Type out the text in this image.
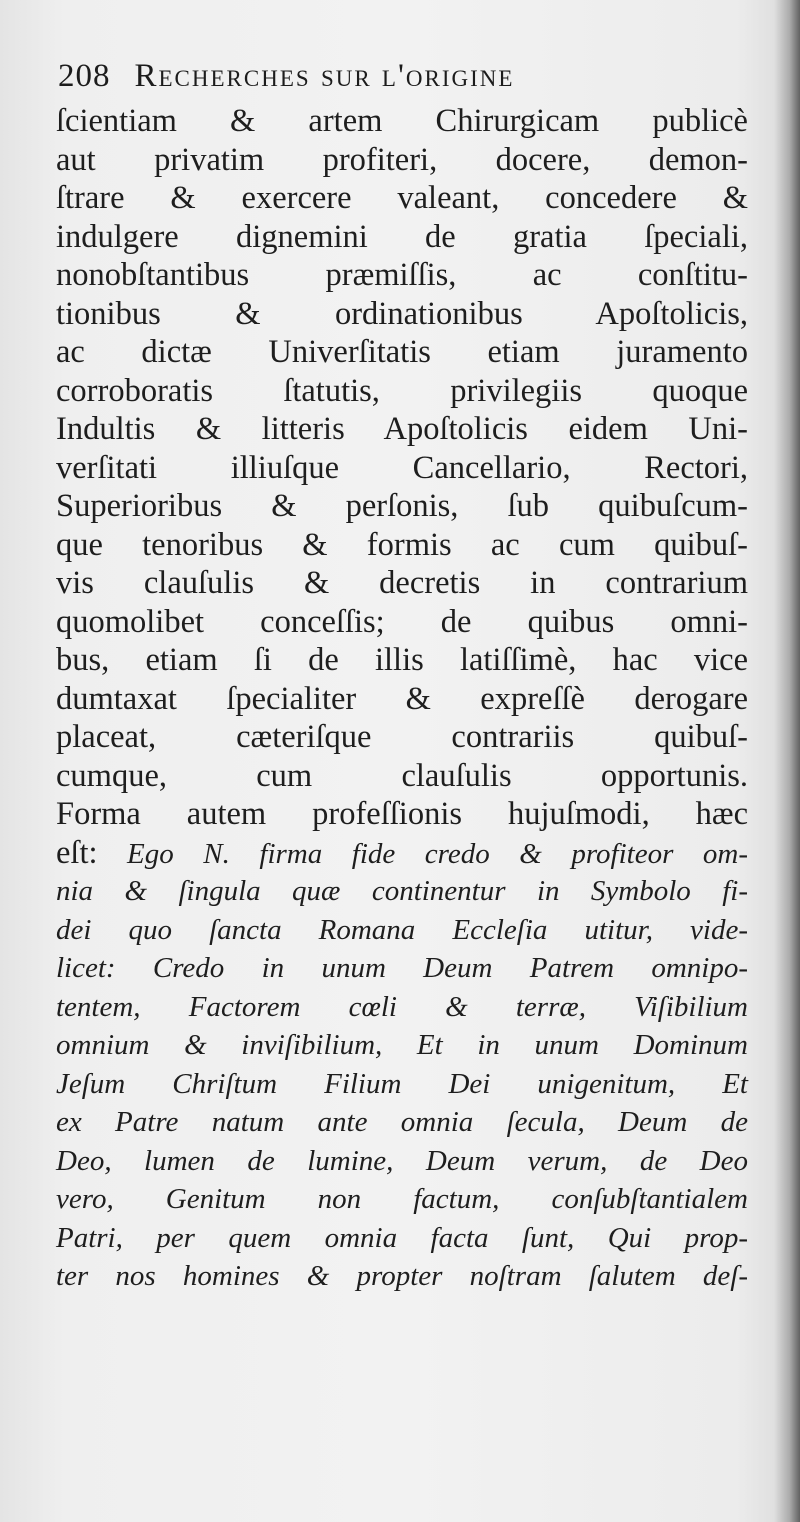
208 Recherches sur l'origine
ſcientiam & artem Chirurgicam publicè
aut privatim profiteri, docere, demon-
ſtrare & exercere valeant, concedere &
indulgere dignemini de gratia ſpeciali,
nonobſtantibus præmiſſis, ac conſtitu-
tionibus & ordinationibus Apoſtolicis,
ac dictæ Univerſitatis etiam juramento
corroboratis ſtatutis, privilegiis quoque
Indultis & litteris Apoſtolicis eidem Uni-
verſitati illiuſque Cancellario, Rectori,
Superioribus & perſonis, ſub quibuſcum-
que tenoribus & formis ac cum quibuſ-
vis clauſulis & decretis in contrarium
quomolibet conceſſis; de quibus omni-
bus, etiam ſi de illis latiſſimè, hac vice
dumtaxat ſpecialiter & expreſſè derogare
placeat, cæteriſque contrariis quibuſ-
cumque, cum clauſulis opportunis.
Forma autem profeſſionis hujuſmodi, hæc
eſt: Ego N. firma fide credo & profiteor om-
nia & ſingula quæ continentur in Symbolo fi-
dei quo ſancta Romana Eccleſia utitur, vide-
licet: Credo in unum Deum Patrem omnipo-
tentem, Factorem cœli & terræ, Viſibilium
omnium & inviſibilium, Et in unum Dominum
Jeſum Chriſtum Filium Dei unigenitum, Et
ex Patre natum ante omnia ſecula, Deum de
Deo, lumen de lumine, Deum verum, de Deo
vero, Genitum non factum, conſubſtantialem
Patri, per quem omnia facta ſunt, Qui prop-
ter nos homines & propter noſtram ſalutem deſ-
